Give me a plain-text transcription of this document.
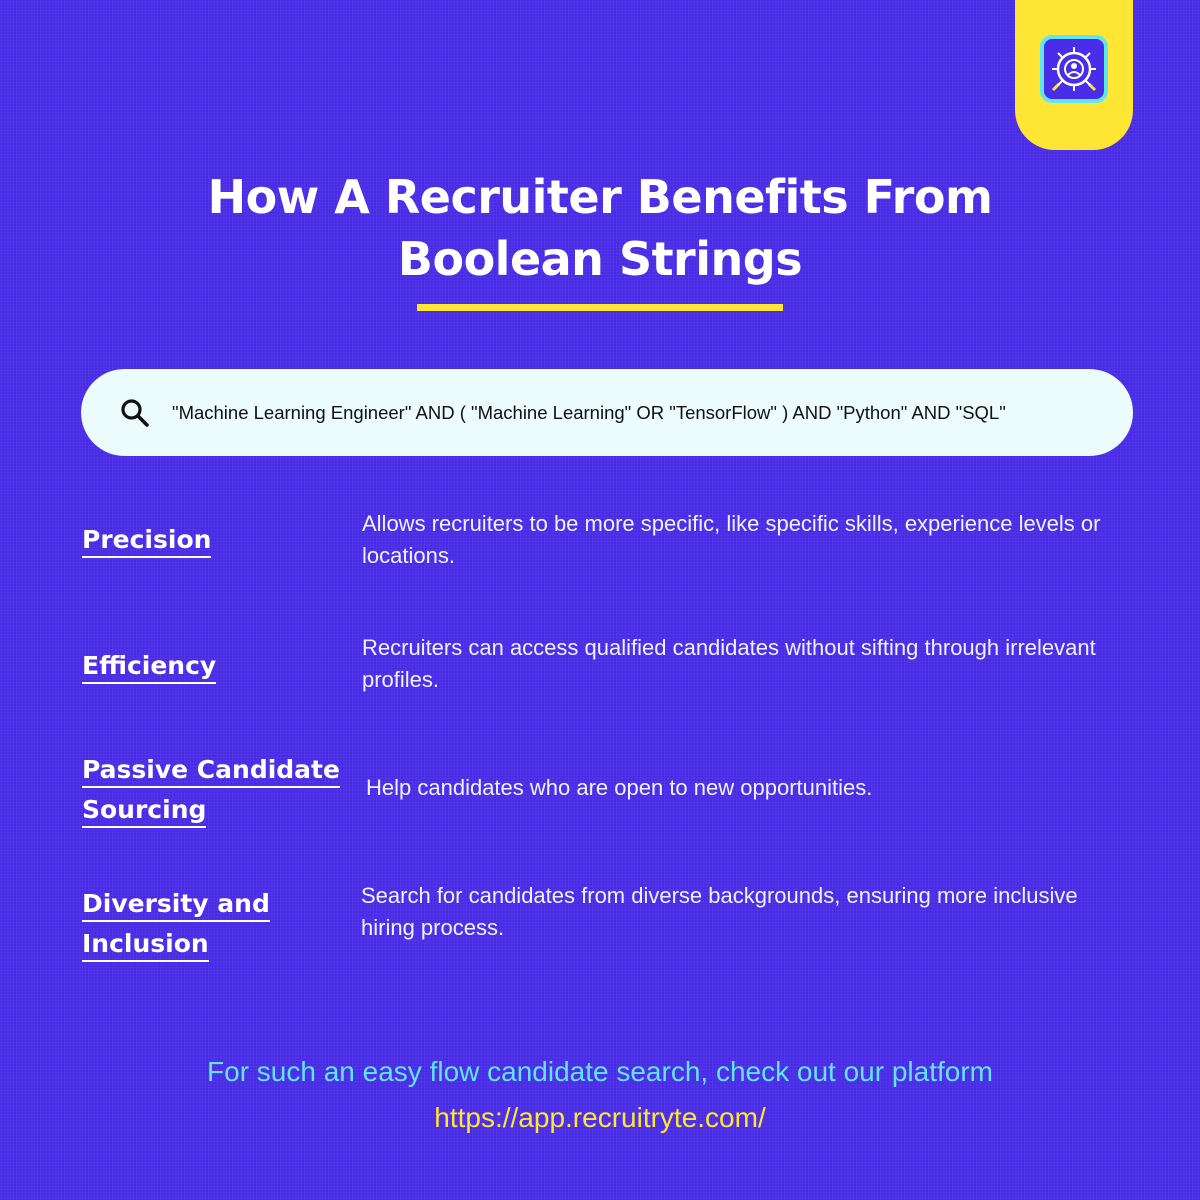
How A Recruiter Benefits From
Boolean Strings
"Machine Learning Engineer" AND ( "Machine Learning" OR "TensorFlow" ) AND "Python" AND "SQL"
Precision

Allows recruiters to be more specific, like specific skills, experience levels or locations.

Efficiency

Recruiters can access qualified candidates without sifting through irrelevant profiles.

Passive Candidate
Sourcing

Help candidates who are open to new opportunities.

Diversity and
Inclusion

Search for candidates from diverse backgrounds, ensuring more inclusive hiring process.

For such an easy flow candidate search, check out our platform
https://app.recruitryte.com/
